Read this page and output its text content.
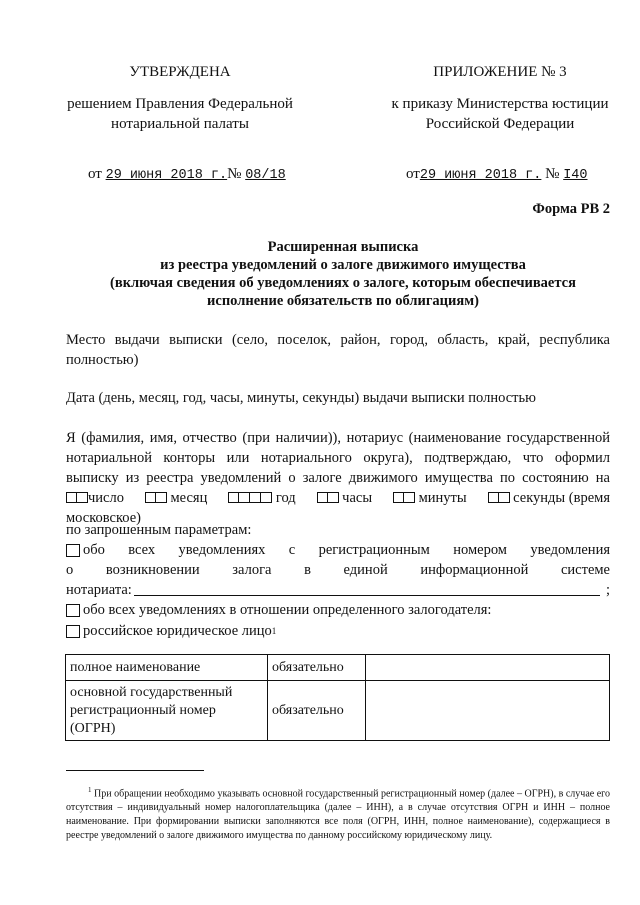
УТВЕРЖДЕНА
решением Правления Федеральной
нотариальной палаты
от 29 июня 2018 г.№ 08/18
ПРИЛОЖЕНИЕ № 3
к приказу Министерства юстиции
Российской Федерации
от29 июня 2018 г. № I40
Форма РВ 2
Расширенная выписка
из реестра уведомлений о залоге движимого имущества
(включая сведения об уведомлениях о залоге, которым обеспечивается
исполнение обязательств по облигациям)
Место выдачи выписки (село, поселок, район, город, область, край, республика
полностью)
Дата (день, месяц, год, часы, минуты, секунды) выдачи выписки полностью
Я (фамилия, имя, отчество (при наличии)), нотариус (наименование государственной
нотариальной конторы или нотариального округа), подтверждаю, что оформил
выписку из реестра уведомлений о залоге движимого имущества по состоянию на
число	месяц	год	часы	минуты	секунды (время
московское)
по запрошенным параметрам:
обо всех уведомлениях с регистрационным номером уведомления
о возникновении залога в единой информационной системе
нотариата:	;
обо всех уведомлениях в отношении определенного залогодателя:
российское юридическое лицо 1
полное наименование	обязательно	
основной государственный регистрационный номер (ОГРН)	обязательно	
$^1$ При обращении необходимо указывать основной государственный регистрационный номер (далее – ОГРН), в случае его отсутствия – индивидуальный номер налогоплательщика (далее – ИНН), а в случае отсутствия ОГРН и ИНН – полное наименование. При формировании выписки заполняются все поля (ОГРН, ИНН, полное наименование), содержащиеся в реестре уведомлений о залоге движимого имущества по данному российскому юридическому лицу.
